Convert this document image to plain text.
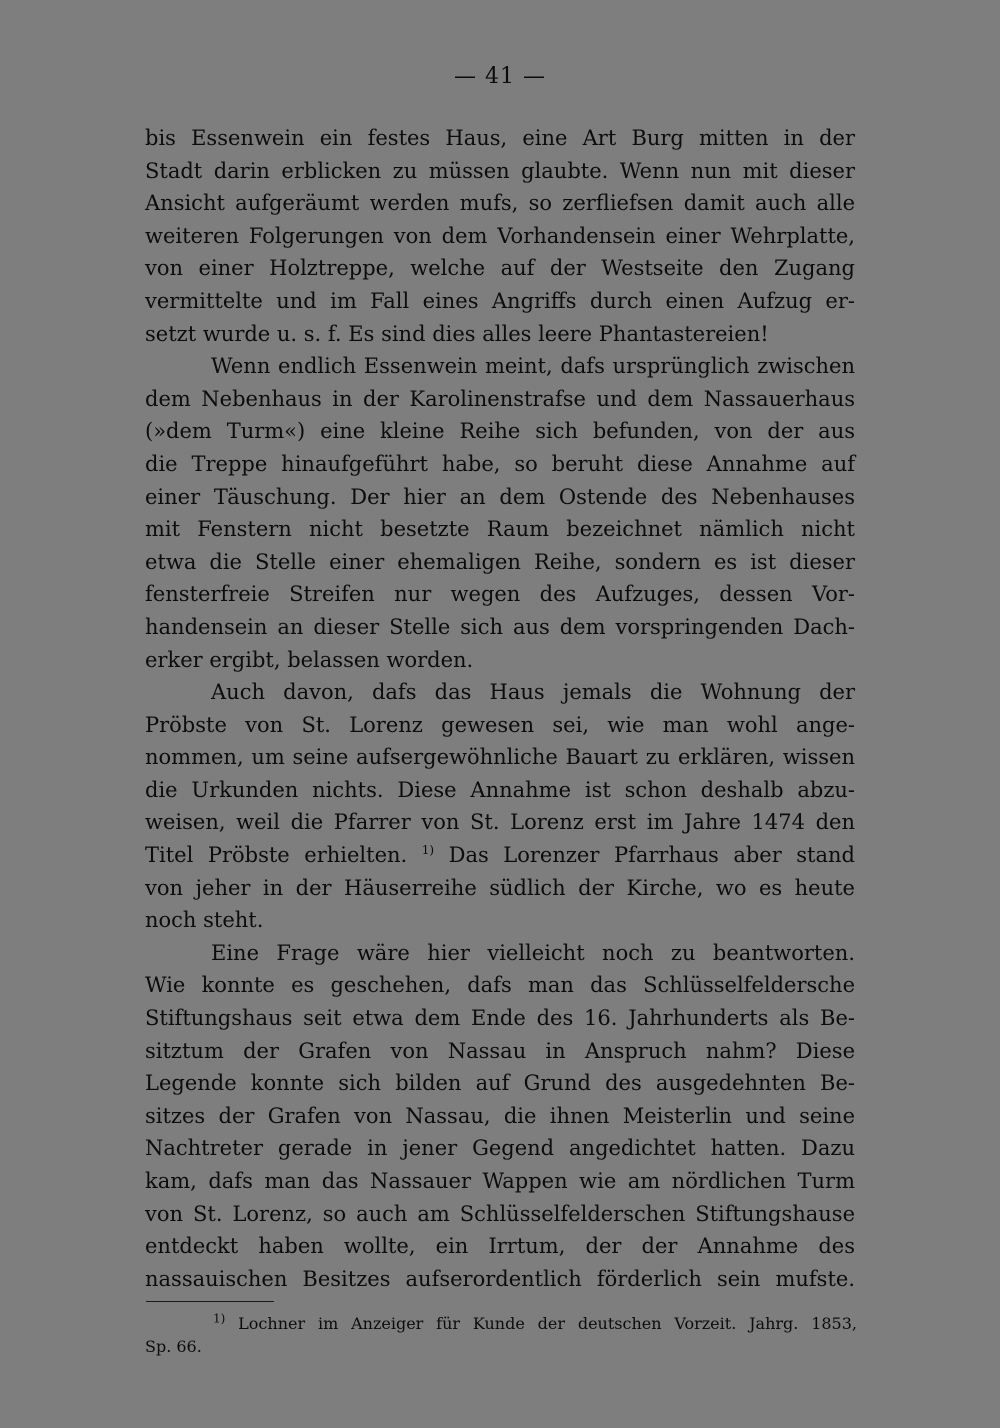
— 41 —
bis Essenwein ein festes Haus, eine Art Burg mitten in der
Stadt darin erblicken zu müssen glaubte. Wenn nun mit dieser
Ansicht aufgeräumt werden mufs, so zerfliefsen damit auch alle
weiteren Folgerungen von dem Vorhandensein einer Wehrplatte,
von einer Holztreppe, welche auf der Westseite den Zugang
vermittelte und im Fall eines Angriffs durch einen Aufzug er-
setzt wurde u. s. f. Es sind dies alles leere Phantastereien!
Wenn endlich Essenwein meint, dafs ursprünglich zwischen
dem Nebenhaus in der Karolinenstrafse und dem Nassauerhaus
(»dem Turm«) eine kleine Reihe sich befunden, von der aus
die Treppe hinaufgeführt habe, so beruht diese Annahme auf
einer Täuschung. Der hier an dem Ostende des Nebenhauses
mit Fenstern nicht besetzte Raum bezeichnet nämlich nicht
etwa die Stelle einer ehemaligen Reihe, sondern es ist dieser
fensterfreie Streifen nur wegen des Aufzuges, dessen Vor-
handensein an dieser Stelle sich aus dem vorspringenden Dach-
erker ergibt, belassen worden.
Auch davon, dafs das Haus jemals die Wohnung der
Pröbste von St. Lorenz gewesen sei, wie man wohl ange-
nommen, um seine aufsergewöhnliche Bauart zu erklären, wissen
die Urkunden nichts. Diese Annahme ist schon deshalb abzu-
weisen, weil die Pfarrer von St. Lorenz erst im Jahre 1474 den
Titel Pröbste erhielten. $^{1)}$ Das Lorenzer Pfarrhaus aber stand
von jeher in der Häuserreihe südlich der Kirche, wo es heute
noch steht.
Eine Frage wäre hier vielleicht noch zu beantworten.
Wie konnte es geschehen, dafs man das Schlüsselfeldersche
Stiftungshaus seit etwa dem Ende des 16. Jahrhunderts als Be-
sitztum der Grafen von Nassau in Anspruch nahm? Diese
Legende konnte sich bilden auf Grund des ausgedehnten Be-
sitzes der Grafen von Nassau, die ihnen Meisterlin und seine
Nachtreter gerade in jener Gegend angedichtet hatten. Dazu
kam, dafs man das Nassauer Wappen wie am nördlichen Turm
von St. Lorenz, so auch am Schlüsselfelderschen Stiftungshause
entdeckt haben wollte, ein Irrtum, der der Annahme des
nassauischen Besitzes aufserordentlich förderlich sein mufste.
$^{1)}$ Lochner im Anzeiger für Kunde der deutschen Vorzeit. Jahrg. 1853,
Sp. 66.
